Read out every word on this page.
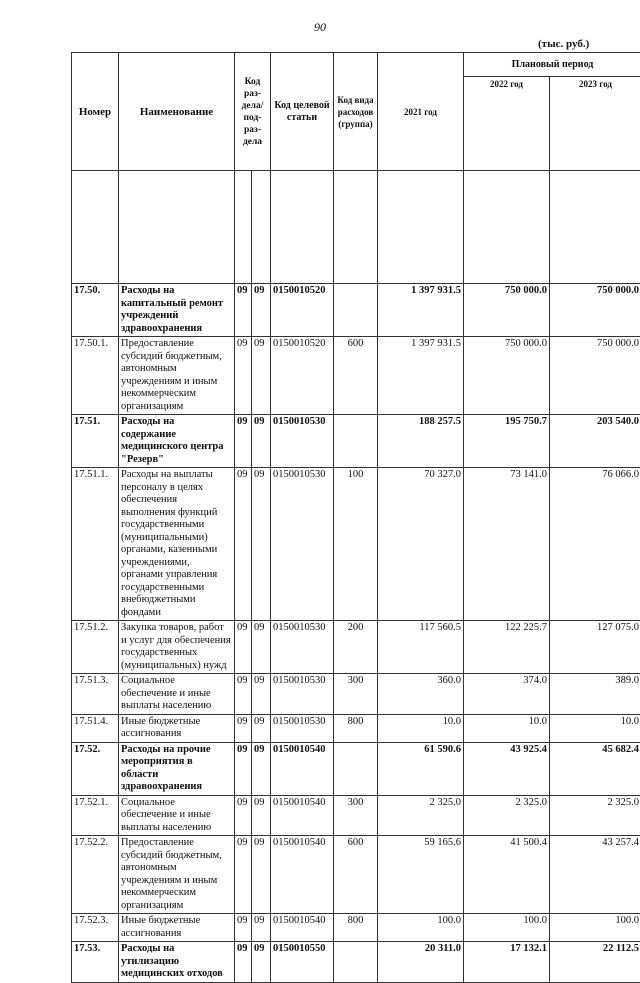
90
(тыс. руб.)
Номер	Наименование	Код раз-дела/ под-раз-дела		Код целевой статьи	Код вида расходов (группа)	2021 год	Плановый период	
							2022 год	2023 год

17.50.	Расходы на капитальный ремонт учреждений здравоохранения	09	09	0150010520		1 397 931.5	750 000.0	750 000.0
17.50.1.	Предоставление субсидий бюджетным, автономным учреждениям и иным некоммерческим организациям	09	09	0150010520	600	1 397 931.5	750 000.0	750 000.0
17.51.	Расходы на содержание медицинского центра "Резерв"	09	09	0150010530		188 257.5	195 750.7	203 540.0
17.51.1.	Расходы на выплаты персоналу в целях обеспечения выполнения функций государственными (муниципальными) органами, казенными учреждениями, органами управления государственными внебюджетными фондами	09	09	0150010530	100	70 327.0	73 141.0	76 066.0
17.51.2.	Закупка товаров, работ и услуг для обеспечения государственных (муниципальных) нужд	09	09	0150010530	200	117 560.5	122 225.7	127 075.0
17.51.3.	Социальное обеспечение и иные выплаты населению	09	09	0150010530	300	360.0	374.0	389.0
17.51.4.	Иные бюджетные ассигнования	09	09	0150010530	800	10.0	10.0	10.0
17.52.	Расходы на прочие мероприятия в области здравоохранения	09	09	0150010540		61 590.6	43 925.4	45 682.4
17.52.1.	Социальное обеспечение и иные выплаты населению	09	09	0150010540	300	2 325.0	2 325.0	2 325.0
17.52.2.	Предоставление субсидий бюджетным, автономным учреждениям и иным некоммерческим организациям	09	09	0150010540	600	59 165.6	41 500.4	43 257.4
17.52.3.	Иные бюджетные ассигнования	09	09	0150010540	800	100.0	100.0	100.0
17.53.	Расходы на утилизацию медицинских отходов	09	09	0150010550		20 311.0	17 132.1	22 112.5
